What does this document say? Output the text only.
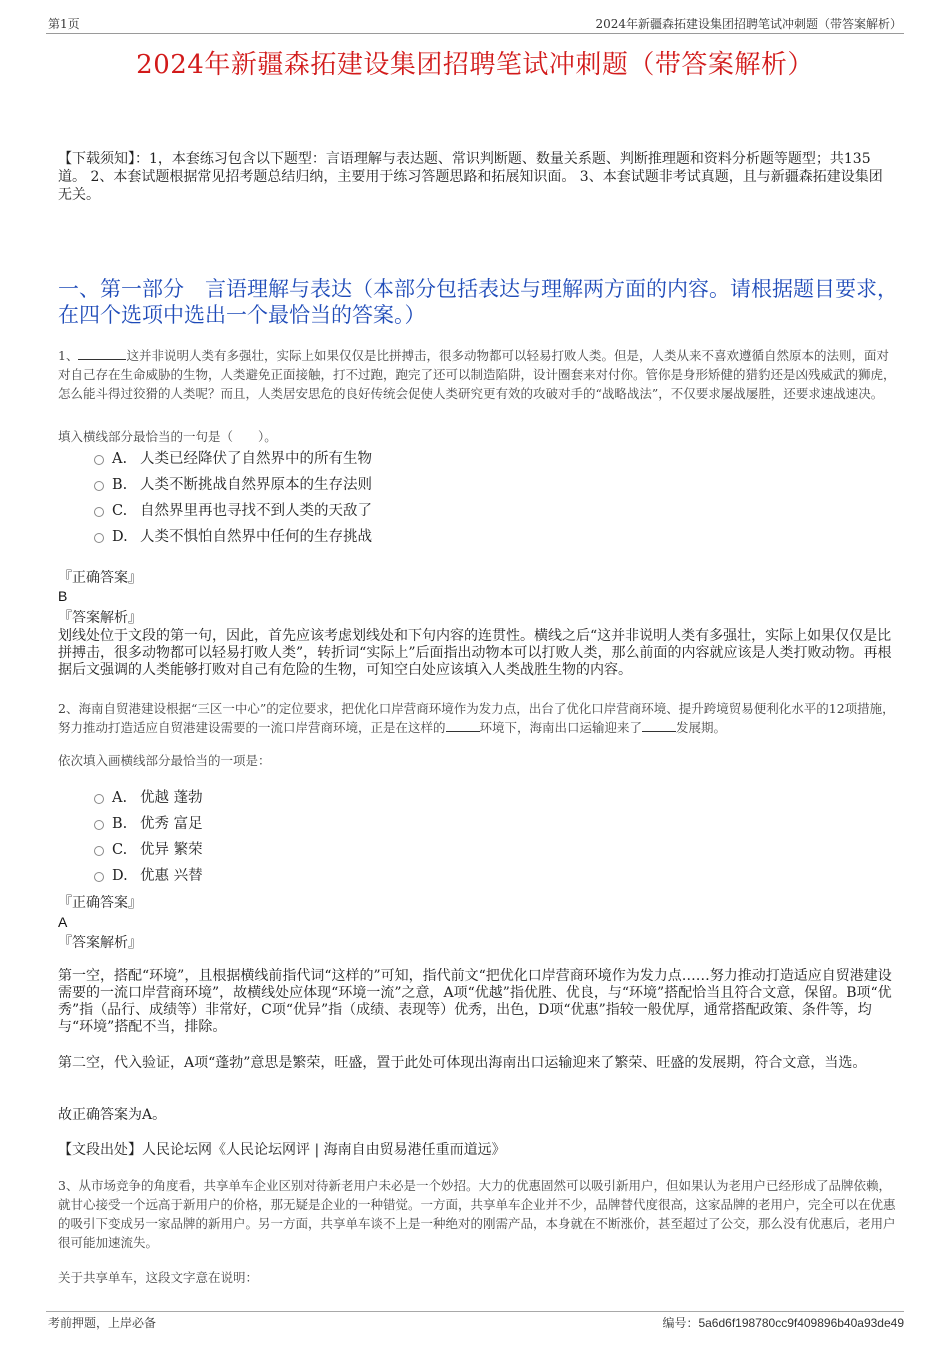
第1页	2024年新疆森拓建设集团招聘笔试冲刺题（带答案解析）
2024年新疆森拓建设集团招聘笔试冲刺题（带答案解析）
【下载须知】：1，本套练习包含以下题型：言语理解与表达题、常识判断题、数量关系题、判断推理题和资料分析题等题型；共135道。 2、本套试题根据常见招考题总结归纳，主要用于练习答题思路和拓展知识面。 3、本套试题非考试真题，且与新疆森拓建设集团无关。
一、第一部分　言语理解与表达（本部分包括表达与理解两方面的内容。请根据题目要求，在四个选项中选出一个最恰当的答案。）
1、	这并非说明人类有多强壮，实际上如果仅仅是比拼搏击，很多动物都可以轻易打败人类。但是，人类从来不喜欢遵循自然原本的法则，面对对自己存在生命威胁的生物，人类避免正面接触，打不过跑，跑完了还可以制造陷阱，设计圈套来对付你。管你是身形矫健的猎豹还是凶残威武的狮虎，怎么能斗得过狡猾的人类呢？而且，人类居安思危的良好传统会促使人类研究更有效的攻破对手的“战略战法”，不仅要求屡战屡胜，还要求速战速决。
填入横线部分最恰当的一句是（　　）。
A. 人类已经降伏了自然界中的所有生物
B. 人类不断挑战自然界原本的生存法则
C. 自然界里再也寻找不到人类的天敌了
D. 人类不惧怕自然界中任何的生存挑战
『正确答案』
B
『答案解析』
划线处位于文段的第一句，因此，首先应该考虑划线处和下句内容的连贯性。横线之后“这并非说明人类有多强壮，实际上如果仅仅是比拼搏击，很多动物都可以轻易打败人类”，转折词“实际上”后面指出动物本可以打败人类，那么前面的内容就应该是人类打败动物。再根据后文强调的人类能够打败对自己有危险的生物，可知空白处应该填入人类战胜生物的内容。
2、海南自贸港建设根据“三区一中心”的定位要求，把优化口岸营商环境作为发力点，出台了优化口岸营商环境、提升跨境贸易便利化水平的12项措施，努力推动打造适应自贸港建设需要的一流口岸营商环境，正是在这样的	环境下，海南出口运输迎来了	发展期。
依次填入画横线部分最恰当的一项是：
A. 优越 蓬勃
B. 优秀 富足
C. 优异 繁荣
D. 优惠 兴替
『正确答案』
A
『答案解析』
第一空，搭配“环境”，且根据横线前指代词“这样的”可知，指代前文“把优化口岸营商环境作为发力点……努力推动打造适应自贸港建设需要的一流口岸营商环境”，故横线处应体现“环境一流”之意，A项“优越”指优胜、优良，与“环境”搭配恰当且符合文意，保留。B项“优秀”指（品行、成绩等）非常好，C项“优异”指（成绩、表现等）优秀，出色，D项“优惠”指较一般优厚，通常搭配政策、条件等，均与“环境”搭配不当，排除。
第二空，代入验证，A项“蓬勃”意思是繁荣，旺盛，置于此处可体现出海南出口运输迎来了繁荣、旺盛的发展期，符合文意，当选。
故正确答案为A。
【文段出处】人民论坛网《人民论坛网评 | 海南自由贸易港任重而道远》
3、从市场竞争的角度看，共享单车企业区别对待新老用户未必是一个妙招。大力的优惠固然可以吸引新用户，但如果认为老用户已经形成了品牌依赖，就甘心接受一个远高于新用户的价格，那无疑是企业的一种错觉。一方面，共享单车企业并不少，品牌替代度很高，这家品牌的老用户，完全可以在优惠的吸引下变成另一家品牌的新用户。另一方面，共享单车谈不上是一种绝对的刚需产品，本身就在不断涨价，甚至超过了公交，那么没有优惠后，老用户很可能加速流失。
关于共享单车，这段文字意在说明：
考前押题，上岸必备	编号：5a6d6f198780cc9f409896b40a93de49
